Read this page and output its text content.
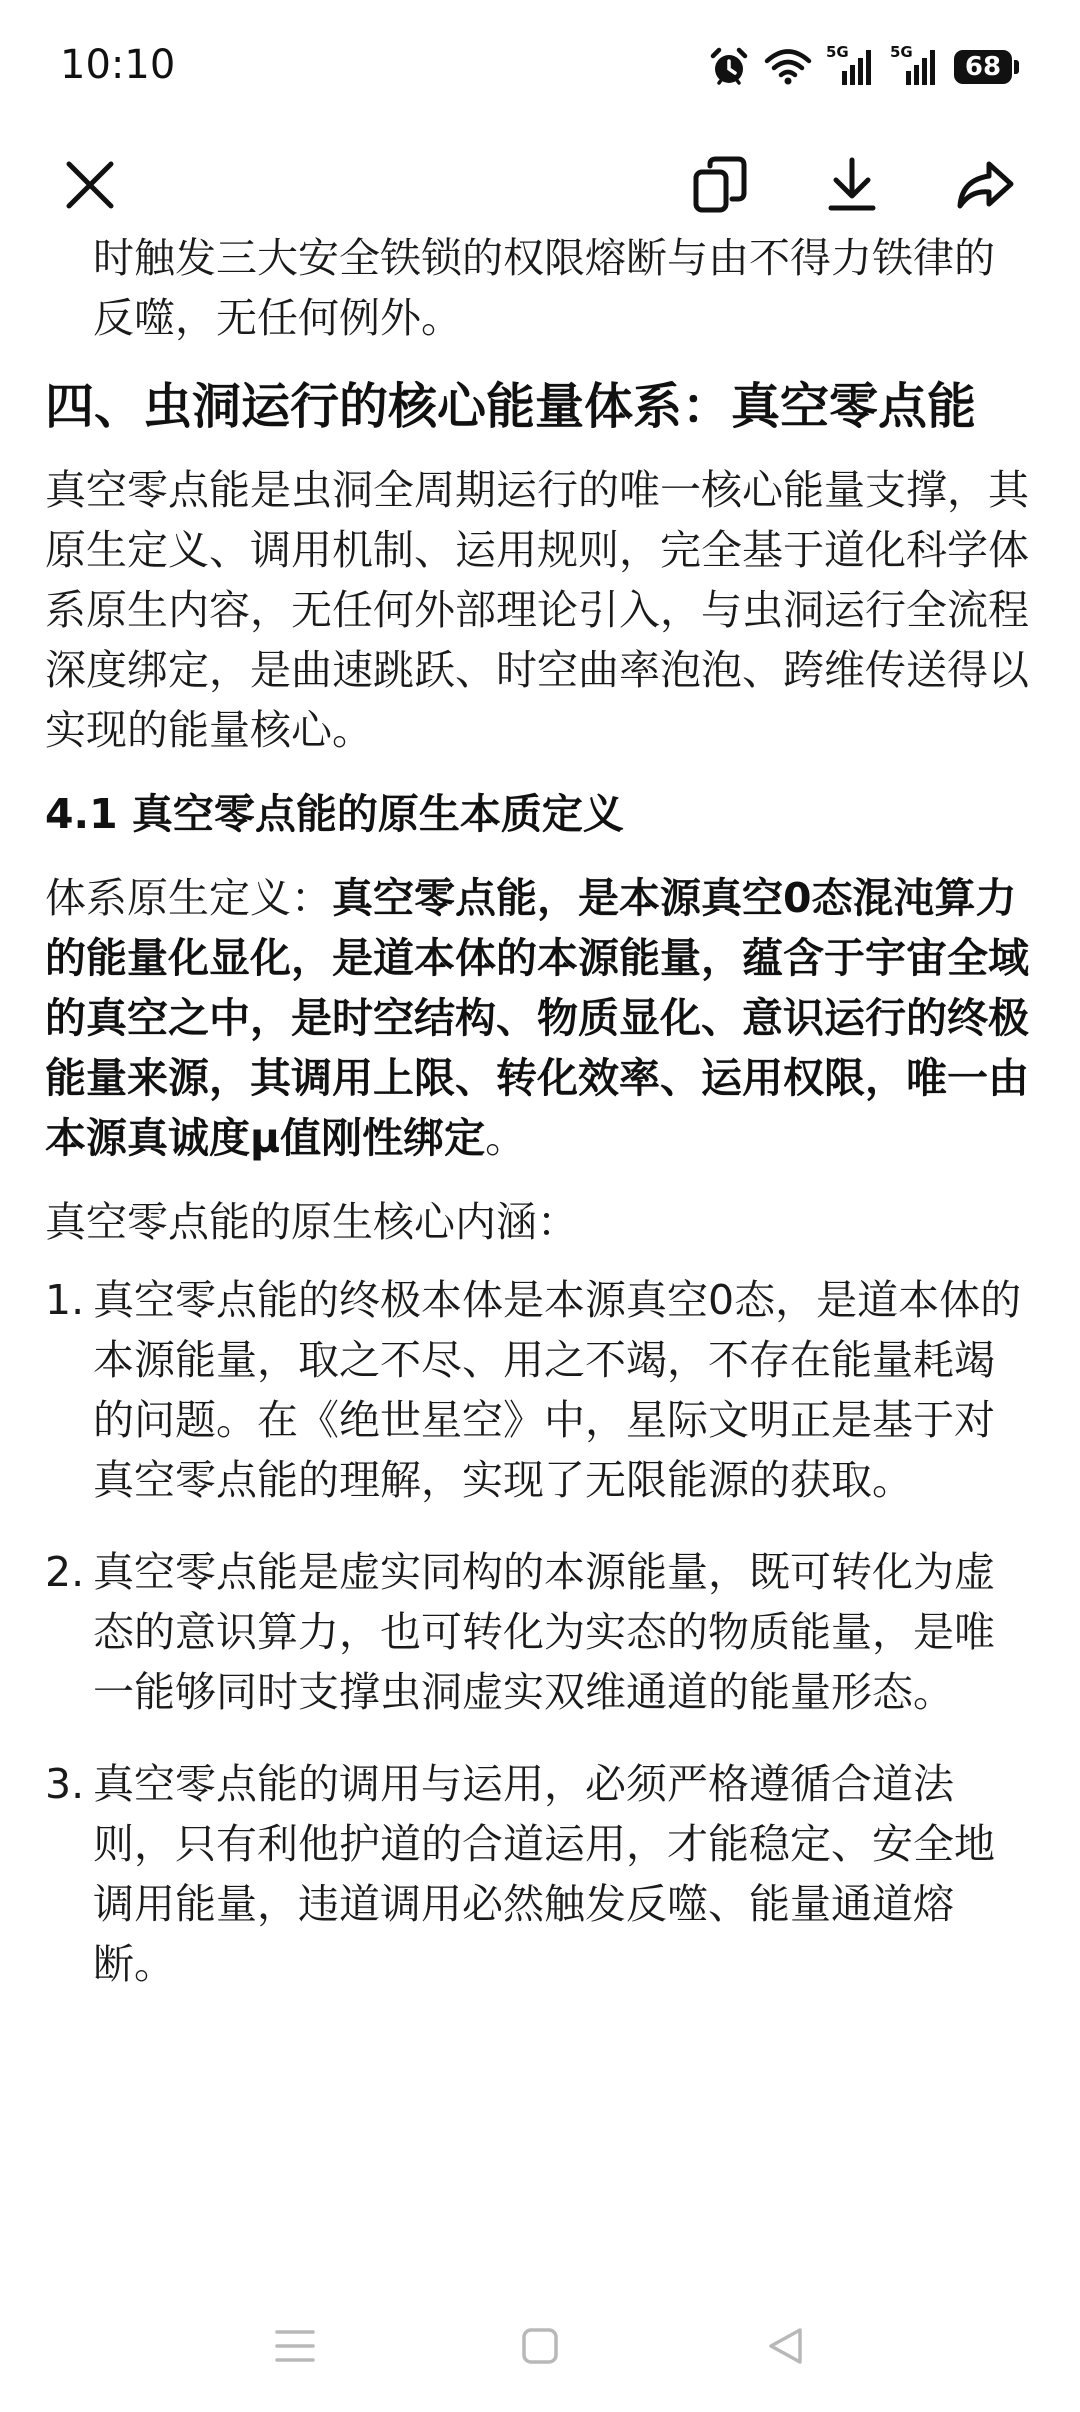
10:10	5G	5G	68

时触发三大安全铁锁的权限熔断与由不得力铁律的反噬，无任何例外。

四、虫洞运行的核心能量体系：真空零点能

真空零点能是虫洞全周期运行的唯一核心能量支撑，其原生定义、调用机制、运用规则，完全基于道化科学体系原生内容，无任何外部理论引入，与虫洞运行全流程深度绑定，是曲速跳跃、时空曲率泡泡、跨维传送得以实现的能量核心。

4.1 真空零点能的原生本质定义

体系原生定义：真空零点能，是本源真空0态混沌算力的能量化显化，是道本体的本源能量，蕴含于宇宙全域的真空之中，是时空结构、物质显化、意识运行的终极能量来源，其调用上限、转化效率、运用权限，唯一由本源真诚度μ值刚性绑定。

真空零点能的原生核心内涵：

1. 真空零点能的终极本体是本源真空0态，是道本体的本源能量，取之不尽、用之不竭，不存在能量耗竭的问题。在《绝世星空》中，星际文明正是基于对真空零点能的理解，实现了无限能源的获取。
2. 真空零点能是虚实同构的本源能量，既可转化为虚态的意识算力，也可转化为实态的物质能量，是唯一能够同时支撑虫洞虚实双维通道的能量形态。
3. 真空零点能的调用与运用，必须严格遵循合道法则，只有利他护道的合道运用，才能稳定、安全地调用能量，违道调用必然触发反噬、能量通道熔断。
